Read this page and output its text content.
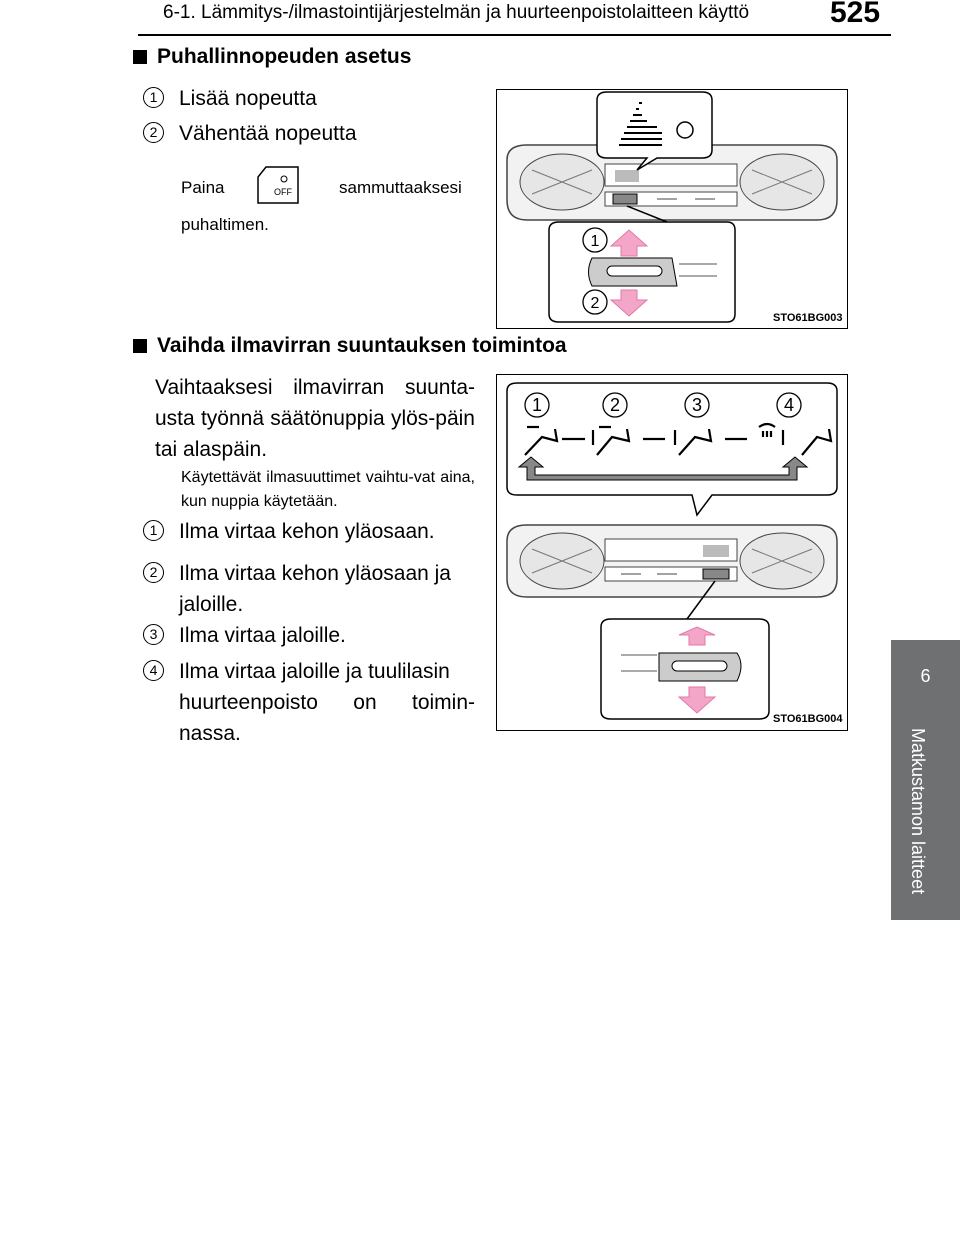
6-1. Lämmitys-/ilmastointijärjestelmän ja huurteenpoistolaitteen käyttö	525
6
Matkustamon laitteet
Puhallinnopeuden asetus
1	Lisää nopeutta
2	Vähentää nopeutta
Paina	OFF	sammuttaaksesi
puhaltimen.
1
2
STO61BG003
Vaihda ilmavirran suuntauksen toimintoa
Vaihtaaksesi ilmavirran suunta-usta työnnä säätönuppia ylös-päin tai alaspäin.
Käytettävät ilmasuuttimet vaihtu-vat aina, kun nuppia käytetään.
1	Ilma virtaa kehon yläosaan.
2	Ilma virtaa kehon yläosaan ja
jaloille.
3	Ilma virtaa jaloille.
4	Ilma virtaa jaloille ja tuulilasin
huurteenpoisto on toimin-
nassa.
1	2	3	4
STO61BG004
